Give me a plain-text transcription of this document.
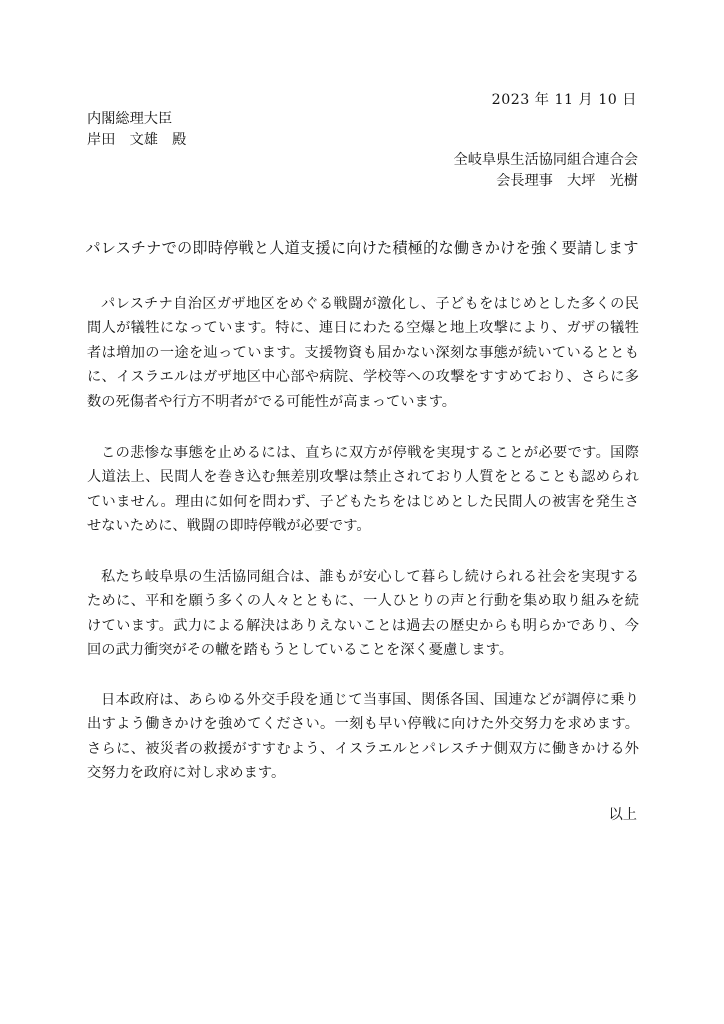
2023 年 11 月 10 日
内閣総理大臣
岸田　文雄　殿
全岐阜県生活協同組合連合会
会長理事　大坪　光樹
パレスチナでの即時停戦と人道支援に向けた積極的な働きかけを強く要請します

パレスチナ自治区ガザ地区をめぐる戦闘が激化し、子どもをはじめとした多くの民間人が犠牲になっています。特に、連日にわたる空爆と地上攻撃により、ガザの犠牲者は増加の一途を辿っています。支援物資も届かない深刻な事態が続いているとともに、イスラエルはガザ地区中心部や病院、学校等への攻撃をすすめており、さらに多数の死傷者や行方不明者がでる可能性が高まっています。

この悲惨な事態を止めるには、直ちに双方が停戦を実現することが必要です。国際人道法上、民間人を巻き込む無差別攻撃は禁止されており人質をとることも認められていません。理由に如何を問わず、子どもたちをはじめとした民間人の被害を発生させないために、戦闘の即時停戦が必要です。

私たち岐阜県の生活協同組合は、誰もが安心して暮らし続けられる社会を実現するために、平和を願う多くの人々とともに、一人ひとりの声と行動を集め取り組みを続けています。武力による解決はありえないことは過去の歴史からも明らかであり、今回の武力衝突がその轍を踏もうとしていることを深く憂慮します。

日本政府は、あらゆる外交手段を通じて当事国、関係各国、国連などが調停に乗り出すよう働きかけを強めてください。一刻も早い停戦に向けた外交努力を求めます。さらに、被災者の救援がすすむよう、イスラエルとパレスチナ側双方に働きかける外交努力を政府に対し求めます。

以上
